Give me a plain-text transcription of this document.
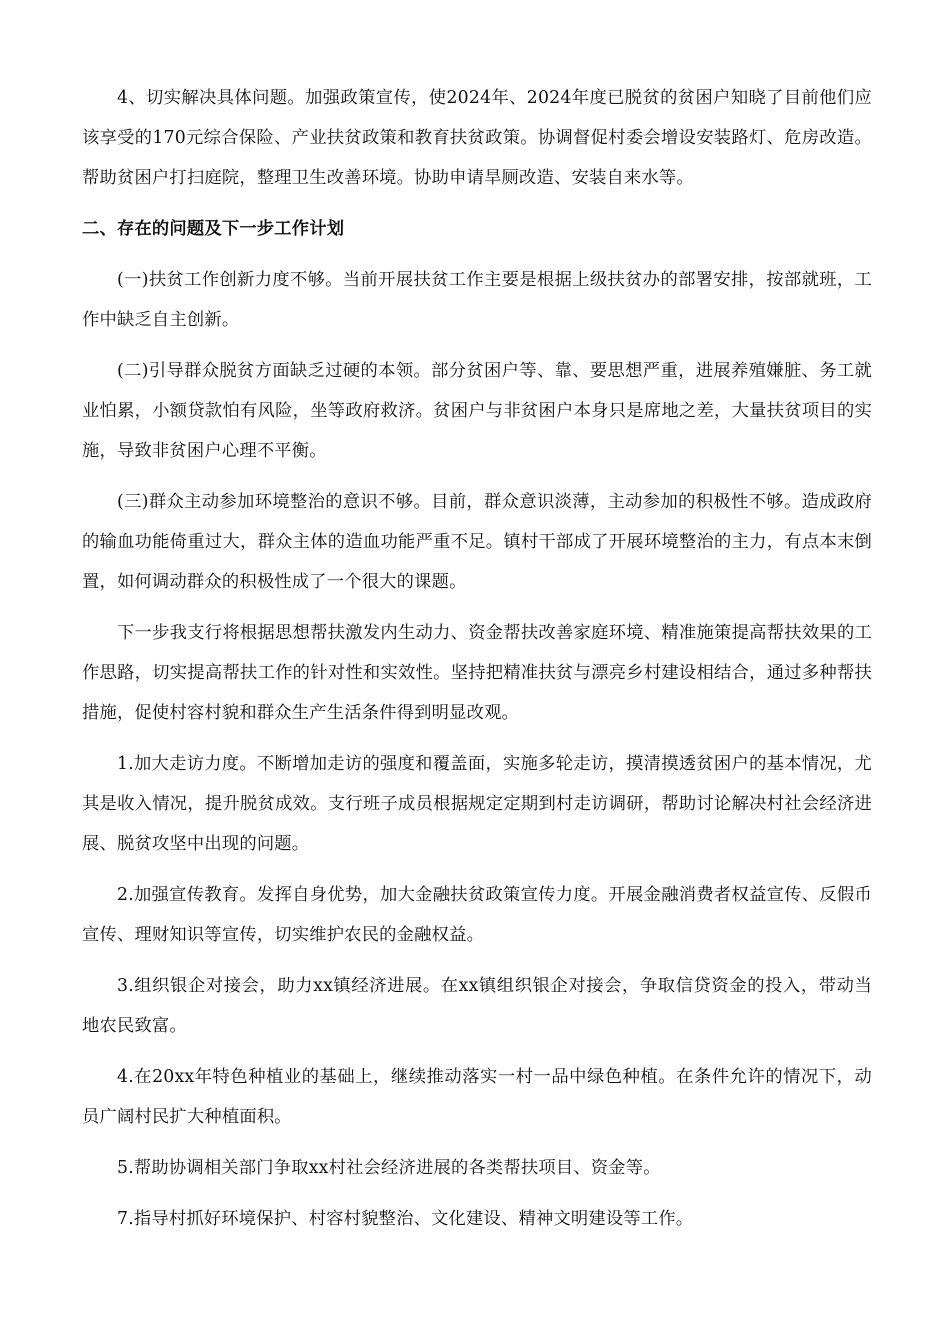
4、切实解决具体问题。加强政策宣传，使2024年、2024年度已脱贫的贫困户知晓了目前他们应该享受的170元综合保险、产业扶贫政策和教育扶贫政策。协调督促村委会增设安装路灯、危房改造。帮助贫困户打扫庭院，整理卫生改善环境。协助申请旱厕改造、安装自来水等。

二、存在的问题及下一步工作计划

(一)扶贫工作创新力度不够。当前开展扶贫工作主要是根据上级扶贫办的部署安排，按部就班，工作中缺乏自主创新。

(二)引导群众脱贫方面缺乏过硬的本领。部分贫困户等、靠、要思想严重，进展养殖嫌脏、务工就业怕累，小额贷款怕有风险，坐等政府救济。贫困户与非贫困户本身只是席地之差，大量扶贫项目的实施，导致非贫困户心理不平衡。

(三)群众主动参加环境整治的意识不够。目前，群众意识淡薄，主动参加的积极性不够。造成政府的输血功能倚重过大，群众主体的造血功能严重不足。镇村干部成了开展环境整治的主力，有点本末倒置，如何调动群众的积极性成了一个很大的课题。

下一步我支行将根据思想帮扶激发内生动力、资金帮扶改善家庭环境、精准施策提高帮扶效果的工作思路，切实提高帮扶工作的针对性和实效性。坚持把精准扶贫与漂亮乡村建设相结合，通过多种帮扶措施，促使村容村貌和群众生产生活条件得到明显改观。

1.加大走访力度。不断增加走访的强度和覆盖面，实施多轮走访，摸清摸透贫困户的基本情况，尤其是收入情况，提升脱贫成效。支行班子成员根据规定定期到村走访调研，帮助讨论解决村社会经济进展、脱贫攻坚中出现的问题。

2.加强宣传教育。发挥自身优势，加大金融扶贫政策宣传力度。开展金融消费者权益宣传、反假币宣传、理财知识等宣传，切实维护农民的金融权益。

3.组织银企对接会，助力xx镇经济进展。在xx镇组织银企对接会，争取信贷资金的投入，带动当地农民致富。

4.在20xx年特色种植业的基础上，继续推动落实一村一品中绿色种植。在条件允许的情况下，动员广阔村民扩大种植面积。

5.帮助协调相关部门争取xx村社会经济进展的各类帮扶项目、资金等。

7.指导村抓好环境保护、村容村貌整治、文化建设、精神文明建设等工作。
